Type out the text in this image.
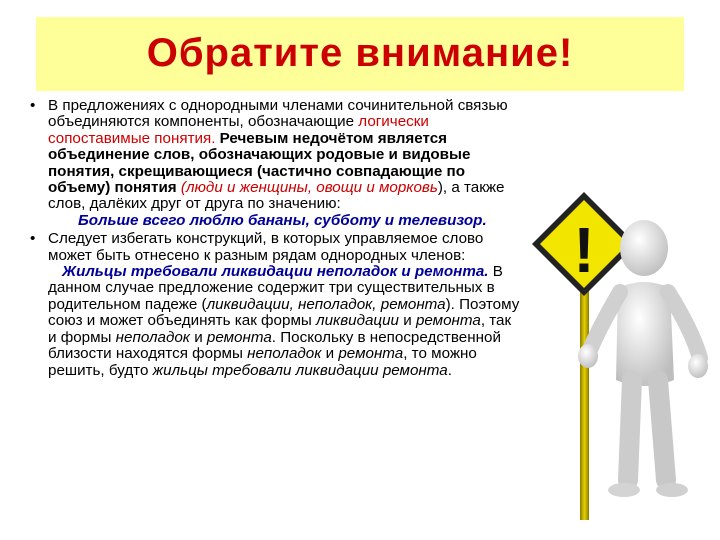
Обратите внимание!
• В предложениях с однородными членами сочинительной связью объединяются компоненты, обозначающие логически сопоставимые понятия. Речевым недочётом является объединение слов, обозначающих родовые и видовые понятия, скрещивающиеся (частично совпадающие по объему) понятия (люди и женщины, овощи и морковь), а также слов, далёких друг от друга по значению:
Больше всего люблю бананы, субботу и телевизор.
• Следует избегать конструкций, в которых управляемое слово может быть отнесено к разным рядам однородных членов:
Жильцы требовали ликвидации неполадок и ремонта. В данном случае предложение содержит три существительных в родительном падеже (ликвидации, неполадок, ремонта). Поэтому союз и может объединять как формы ликвидации и ремонта, так и формы неполадок и ремонта. Поскольку в непосредственной близости находятся формы неполадок и ремонта, то можно решить, будто жильцы требовали ликвидации ремонта.
!
